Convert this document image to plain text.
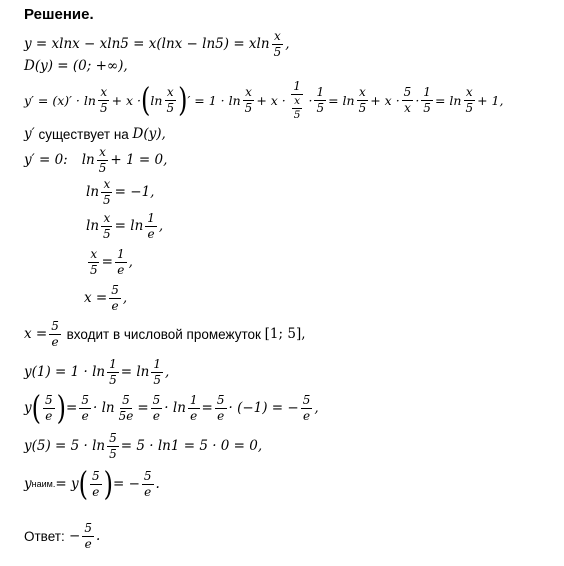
Решение.
y = xlnx − xln5 = x(lnx − ln5) = xln $\frac{x}{5}$ ,
D(y) = (0; +∞),
$y' = (x)' \cdot \ln \frac{x}{5} + x$ · ( $\ln \frac{x}{5}$ ) ′ = $1 \cdot \ln \frac{x}{5} + x \cdot \frac{1}{\frac{x}{5}} \cdot \frac{1}{5} = \ln \frac{x}{5} + x \cdot \frac{5}{x} \cdot \frac{1}{5} = \ln \frac{x}{5} + 1$,
y′ существует на D(y),
y′ = 0: $\ln \frac{x}{5} + 1 = 0$,
$\ln \frac{x}{5} = -1$,
$\ln \frac{x}{5} = \ln \frac{1}{e}$ ,
$\frac{x}{5} = \frac{1}{e}$ ,
$x = \frac{5}{e}$ ,
$x = \frac{5}{e}$ входит в числовой промежуток [1; 5],
$y(1) = 1 \cdot \ln \frac{1}{5} = \ln \frac{1}{5}$ ,
y ( $\frac{5}{e}$ ) = $\frac{5}{e} \cdot \ln \frac{5}{5e} = \frac{5}{e} \cdot \ln \frac{1}{e} = \frac{5}{e} \cdot (-1)$ = − $\frac{5}{e}$ ,
$y(5) = 5 \cdot \ln \frac{5}{5} = 5 \cdot \ln 1 = 5 \cdot 0 = 0$,
y наим. = y ( $\frac{5}{e}$ ) = − $\frac{5}{e}$ .
Ответ: − $\frac{5}{e}$ .
